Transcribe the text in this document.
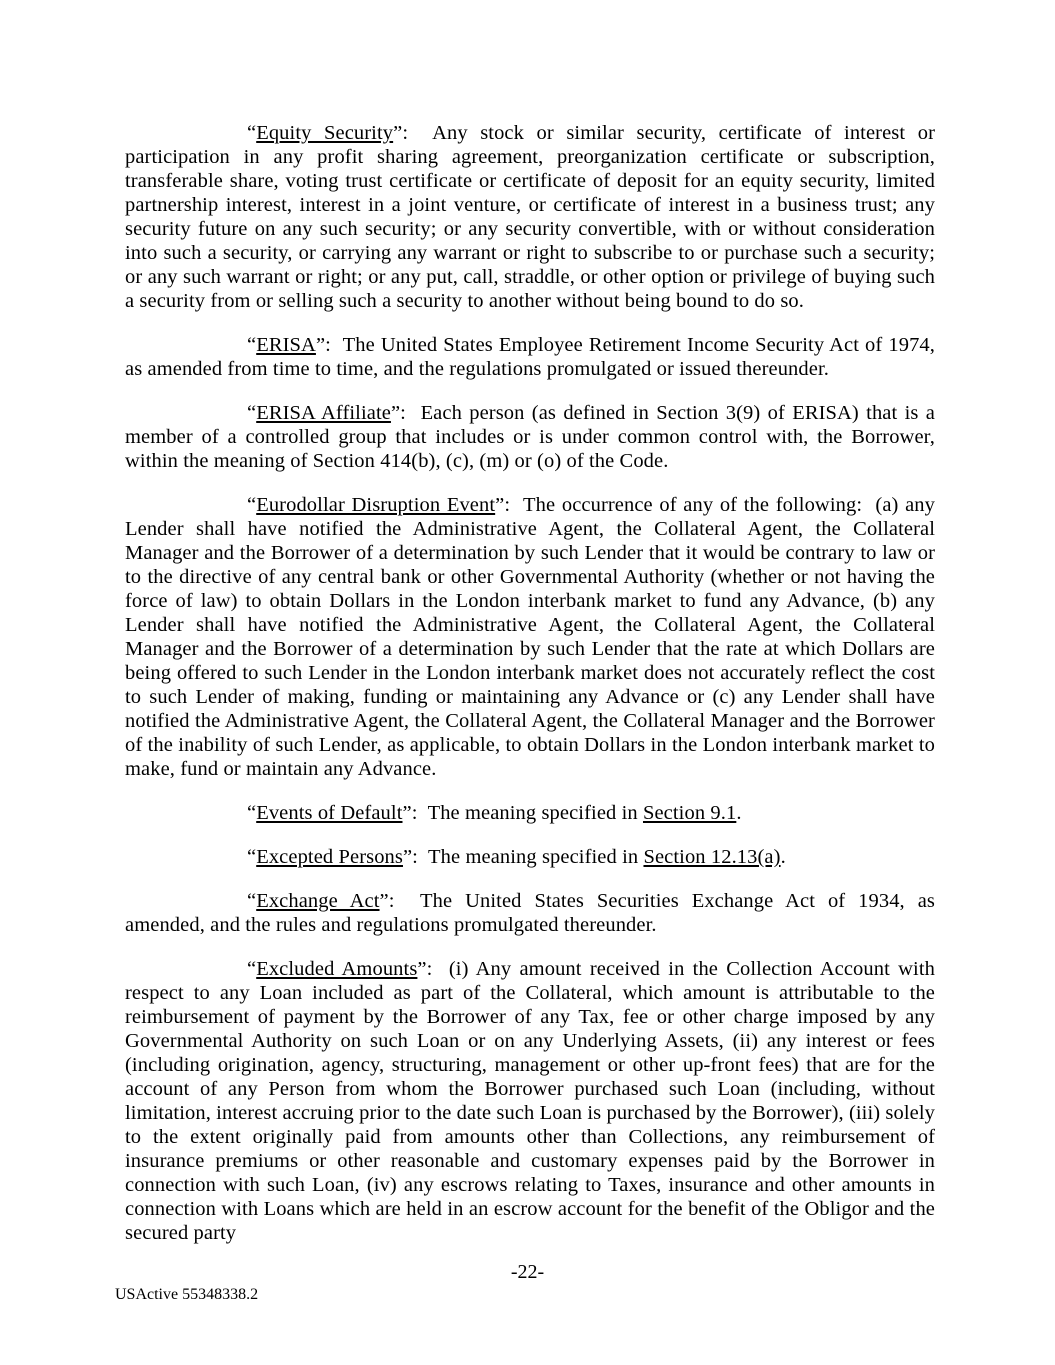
“Equity Security”:  Any stock or similar security, certificate of interest or participation in any profit sharing agreement, preorganization certificate or subscription, transferable share, voting trust certificate or certificate of deposit for an equity security, limited partnership interest, interest in a joint venture, or certificate of interest in a business trust; any security future on any such security; or any security convertible, with or without consideration into such a security, or carrying any warrant or right to subscribe to or purchase such a security; or any such warrant or right; or any put, call, straddle, or other option or privilege of buying such a security from or selling such a security to another without being bound to do so.

“ERISA”:  The United States Employee Retirement Income Security Act of 1974, as amended from time to time, and the regulations promulgated or issued thereunder.

“ERISA Affiliate”:  Each person (as defined in Section 3(9) of ERISA) that is a member of a controlled group that includes or is under common control with, the Borrower, within the meaning of Section 414(b), (c), (m) or (o) of the Code.

“Eurodollar Disruption Event”:  The occurrence of any of the following:  (a) any Lender shall have notified the Administrative Agent, the Collateral Agent, the Collateral Manager and the Borrower of a determination by such Lender that it would be contrary to law or to the directive of any central bank or other Governmental Authority (whether or not having the force of law) to obtain Dollars in the London interbank market to fund any Advance, (b) any Lender shall have notified the Administrative Agent, the Collateral Agent, the Collateral Manager and the Borrower of a determination by such Lender that the rate at which Dollars are being offered to such Lender in the London interbank market does not accurately reflect the cost to such Lender of making, funding or maintaining any Advance or (c) any Lender shall have notified the Administrative Agent, the Collateral Agent, the Collateral Manager and the Borrower of the inability of such Lender, as applicable, to obtain Dollars in the London interbank market to make, fund or maintain any Advance.

“Events of Default”:  The meaning specified in Section 9.1.

“Excepted Persons”:  The meaning specified in Section 12.13(a).

“Exchange Act”:  The United States Securities Exchange Act of 1934, as amended, and the rules and regulations promulgated thereunder.

“Excluded Amounts”:  (i) Any amount received in the Collection Account with respect to any Loan included as part of the Collateral, which amount is attributable to the reimbursement of payment by the Borrower of any Tax, fee or other charge imposed by any Governmental Authority on such Loan or on any Underlying Assets, (ii) any interest or fees (including origination, agency, structuring, management or other up-front fees) that are for the account of any Person from whom the Borrower purchased such Loan (including, without limitation, interest accruing prior to the date such Loan is purchased by the Borrower), (iii) solely to the extent originally paid from amounts other than Collections, any reimbursement of insurance premiums or other reasonable and customary expenses paid by the Borrower in connection with such Loan, (iv) any escrows relating to Taxes, insurance and other amounts in connection with Loans which are held in an escrow account for the benefit of the Obligor and the secured party

-22-
USActive 55348338.2
